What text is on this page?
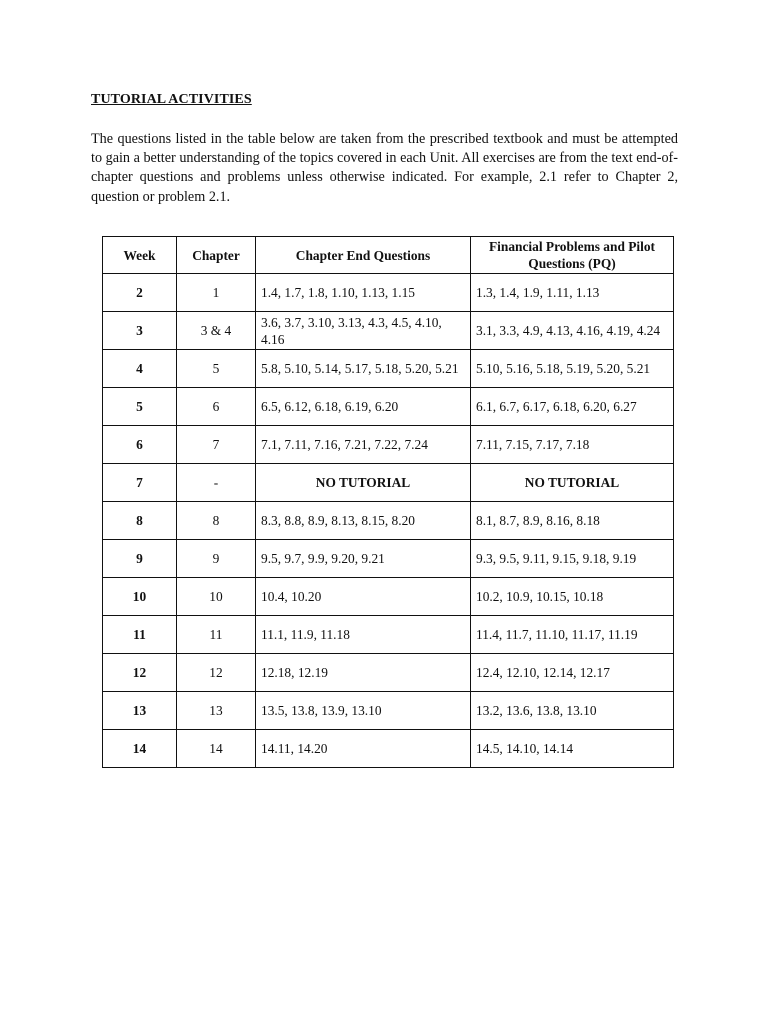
TUTORIAL ACTIVITIES
The questions listed in the table below are taken from the prescribed textbook and must be attempted to gain a better understanding of the topics covered in each Unit. All exercises are from the text end-of-chapter questions and problems unless otherwise indicated. For example, 2.1 refer to Chapter 2, question or problem 2.1.
Week	Chapter	Chapter End Questions	Financial Problems and Pilot Questions (PQ)
2	1	1.4, 1.7, 1.8, 1.10, 1.13, 1.15	1.3, 1.4, 1.9, 1.11, 1.13
3	3 & 4	3.6, 3.7, 3.10, 3.13, 4.3, 4.5, 4.10, 4.16	3.1, 3.3, 4.9, 4.13, 4.16, 4.19, 4.24
4	5	5.8, 5.10, 5.14, 5.17, 5.18, 5.20, 5.21	5.10, 5.16, 5.18, 5.19, 5.20, 5.21
5	6	6.5, 6.12, 6.18, 6.19, 6.20	6.1, 6.7, 6.17, 6.18, 6.20, 6.27
6	7	7.1, 7.11, 7.16, 7.21, 7.22, 7.24	7.11, 7.15, 7.17, 7.18
7	-	NO TUTORIAL	NO TUTORIAL
8	8	8.3, 8.8, 8.9, 8.13, 8.15, 8.20	8.1, 8.7, 8.9, 8.16, 8.18
9	9	9.5, 9.7, 9.9, 9.20, 9.21	9.3, 9.5, 9.11, 9.15, 9.18, 9.19
10	10	10.4, 10.20	10.2, 10.9, 10.15, 10.18
11	11	11.1, 11.9, 11.18	11.4, 11.7, 11.10, 11.17, 11.19
12	12	12.18, 12.19	12.4, 12.10, 12.14, 12.17
13	13	13.5, 13.8, 13.9, 13.10	13.2, 13.6, 13.8, 13.10
14	14	14.11, 14.20	14.5, 14.10, 14.14
